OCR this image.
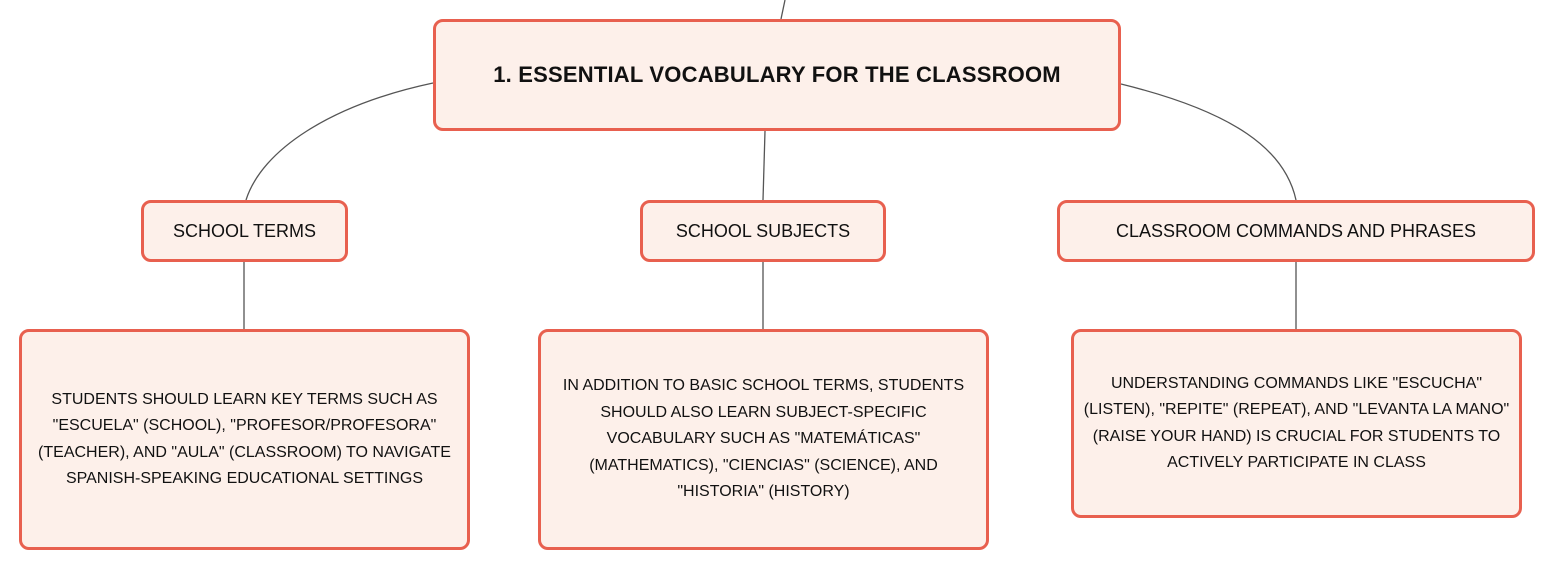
1. ESSENTIAL VOCABULARY FOR THE CLASSROOM
SCHOOL TERMS	SCHOOL SUBJECTS	CLASSROOM COMMANDS AND PHRASES
STUDENTS SHOULD LEARN KEY TERMS SUCH AS "ESCUELA" (SCHOOL), "PROFESOR/PROFESORA" (TEACHER), AND "AULA" (CLASSROOM) TO NAVIGATE SPANISH-SPEAKING EDUCATIONAL SETTINGS
IN ADDITION TO BASIC SCHOOL TERMS, STUDENTS SHOULD ALSO LEARN SUBJECT-SPECIFIC VOCABULARY SUCH AS "MATEMÁTICAS" (MATHEMATICS), "CIENCIAS" (SCIENCE), AND "HISTORIA" (HISTORY)
UNDERSTANDING COMMANDS LIKE "ESCUCHA" (LISTEN), "REPITE" (REPEAT), AND "LEVANTA LA MANO" (RAISE YOUR HAND) IS CRUCIAL FOR STUDENTS TO ACTIVELY PARTICIPATE IN CLASS
